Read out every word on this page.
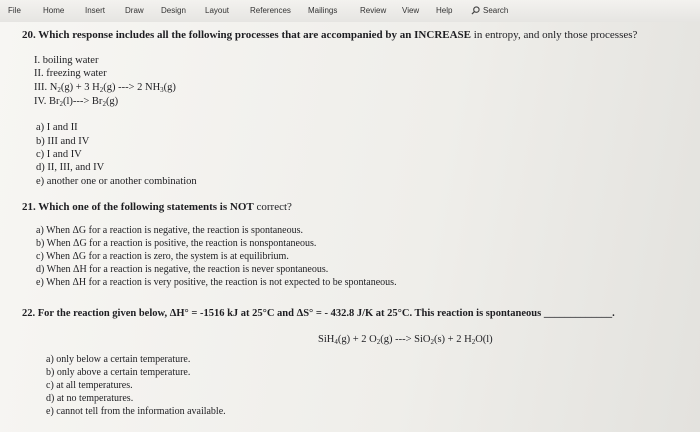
File	Home	Insert Draw Design Layout	References Mailings	Review View Help	Search
20. Which response includes all the following processes that are accompanied by an INCREASE in entropy, and only those processes?
I. boiling water
II. freezing water
III. $N_2(g) + 3$ $H_2(g)$ ---> 2 $NH_3(g)$
IV. $Br_2(l)---> Br_2(g)$
a) I and II
b) III and IV
c) I and IV
d) II, III, and IV
e) another one or another combination
21. Which one of the following statements is NOT correct?
a) When ΔG for a reaction is negative, the reaction is spontaneous.
b) When ΔG for a reaction is positive, the reaction is nonspontaneous.
c) When ΔG for a reaction is zero, the system is at equilibrium.
d) When ΔH for a reaction is negative, the reaction is never spontaneous.
e) When ΔH for a reaction is very positive, the reaction is not expected to be spontaneous.
22. For the reaction given below, ΔH° = -1516 kJ at 25°C and ΔS° = - 432.8 J/K at 25°C. This reaction is spontaneous _____________.
SiH$_4$(g) + 2 $O_2(g)$ ---> SiO$_2$(s) + 2 $H_2O(l)$
a) only below a certain temperature.
b) only above a certain temperature.
c) at all temperatures.
d) at no temperatures.
e) cannot tell from the information available.
